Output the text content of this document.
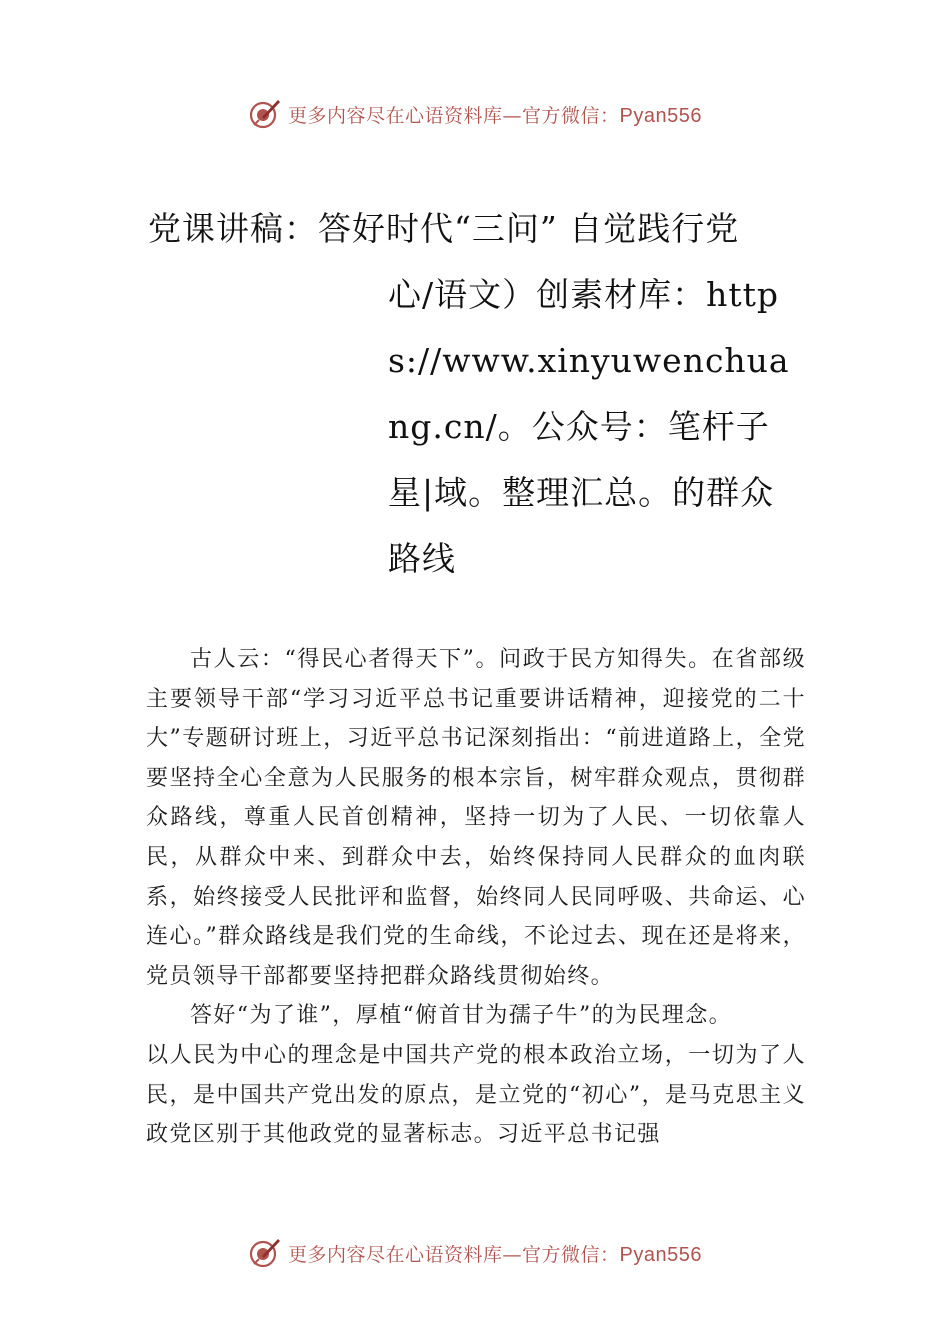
更多内容尽在心语资料库—官方微信：Pyan556
党课讲稿：答好时代“三问” 自觉践行党
心/语文）创素材库：https://www.xinyuwenchuang.cn/。公众号：笔杆子星|域。整理汇总。的群众路线

古人云：“得民心者得天下”。问政于民方知得失。在省部级主要领导干部“学习习近平总书记重要讲话精神，迎接党的二十大”专题研讨班上，习近平总书记深刻指出：“前进道路上，全党要坚持全心全意为人民服务的根本宗旨，树牢群众观点，贯彻群众路线，尊重人民首创精神，坚持一切为了人民、一切依靠人民，从群众中来、到群众中去，始终保持同人民群众的血肉联系，始终接受人民批评和监督，始终同人民同呼吸、共命运、心连心。”群众路线是我们党的生命线，不论过去、现在还是将来，党员领导干部都要坚持把群众路线贯彻始终。

答好“为了谁”，厚植“俯首甘为孺子牛”的为民理念。

以人民为中心的理念是中国共产党的根本政治立场，一切为了人民，是中国共产党出发的原点，是立党的“初心”，是马克思主义政党区别于其他政党的显著标志。习近平总书记强

更多内容尽在心语资料库—官方微信：Pyan556
